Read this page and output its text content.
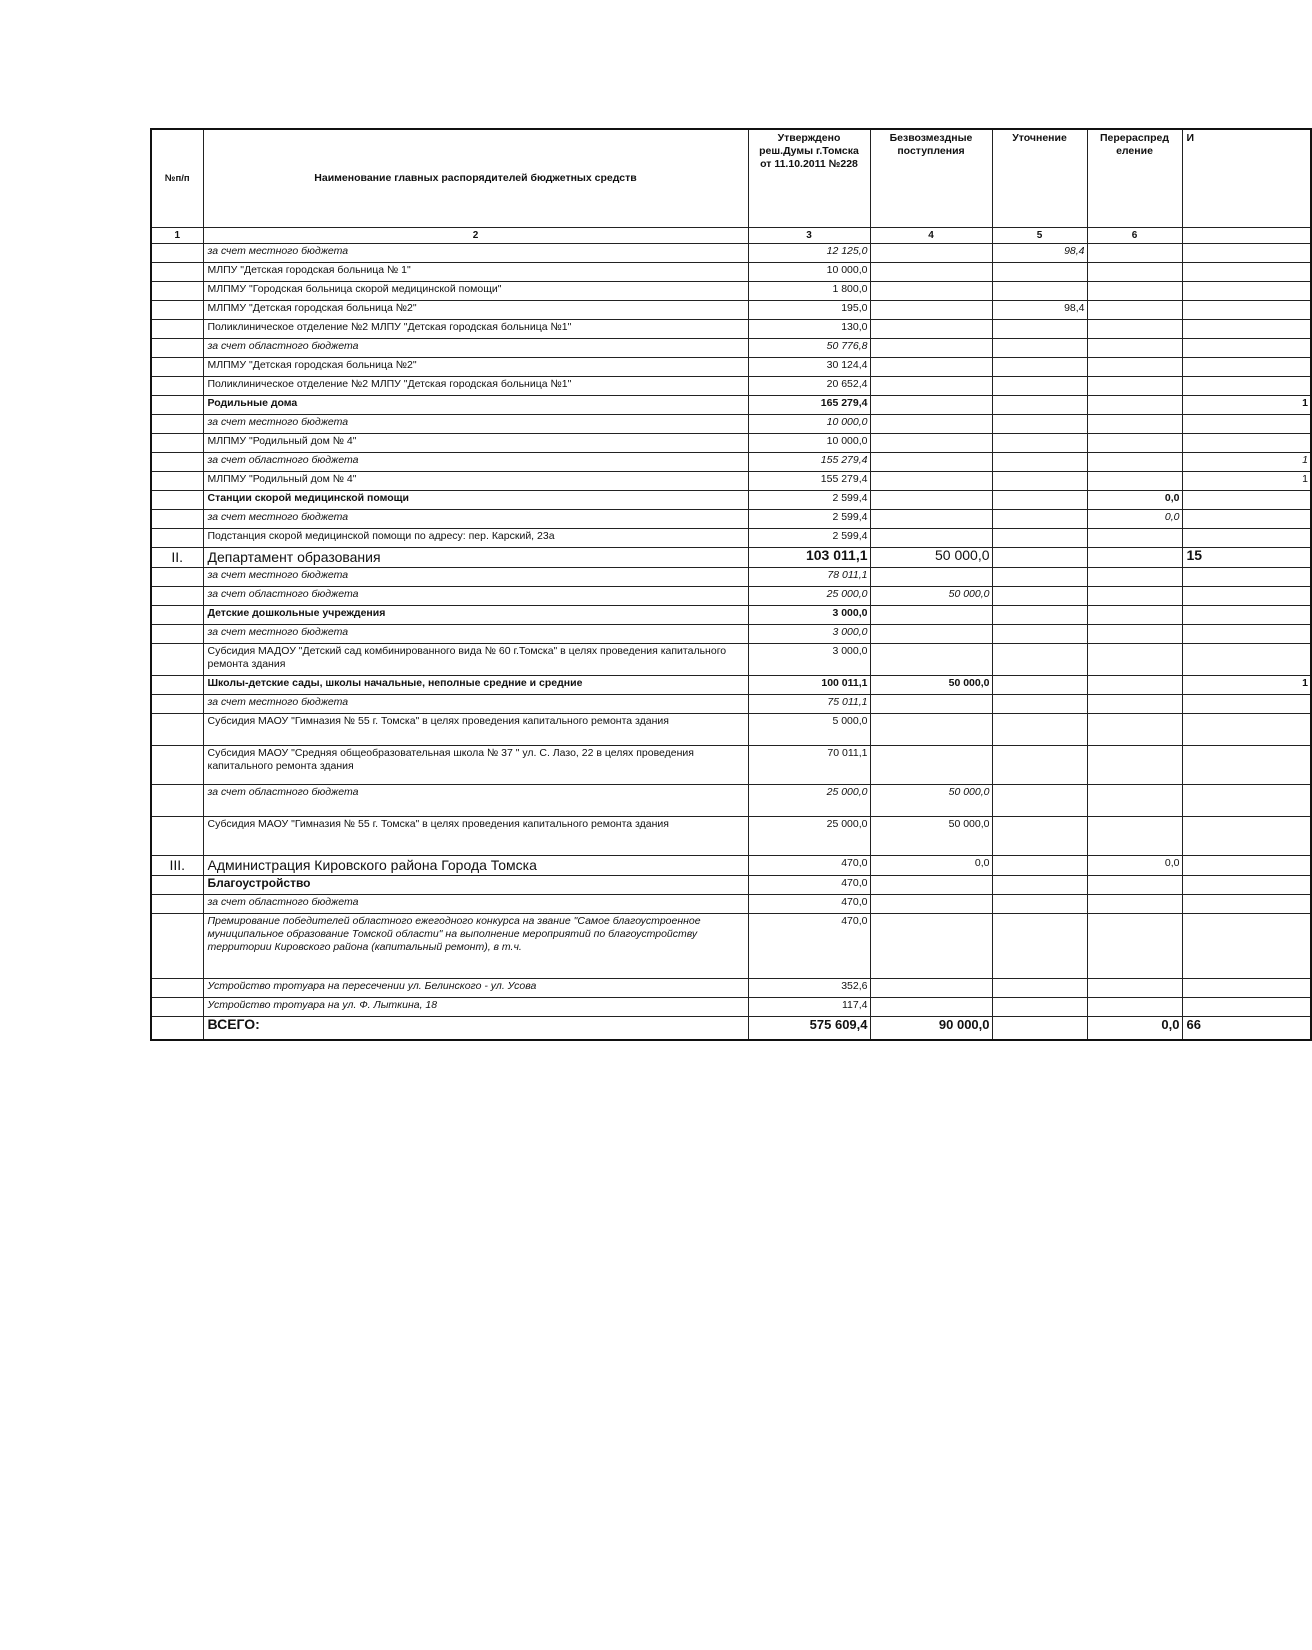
№п/п	Наименование главных распорядителей бюджетных средств	Утверждено реш.Думы г.Томска от 11.10.2011 №228	Безвозмездные поступления	Уточнение	Перераспред еление	И
1	2	3	4	5	6	
	за счет местного бюджета	12 125,0		98,4		
	МЛПУ "Детская городская больница № 1"	10 000,0				
	МЛПМУ "Городская больница скорой медицинской помощи"	1 800,0				
	МЛПМУ "Детская городская больница №2"	195,0		98,4		
	Поликлиническое отделение №2 МЛПУ "Детская городская больница №1"	130,0				
	за счет областного бюджета	50 776,8				
	МЛПМУ "Детская городская больница №2"	30 124,4				
	Поликлиническое отделение №2 МЛПУ "Детская городская больница №1"	20 652,4				
	Родильные дома	165 279,4				1
	за счет местного бюджета	10 000,0				
	МЛПМУ "Родильный дом № 4"	10 000,0				
	за счет областного бюджета	155 279,4				1
	МЛПМУ "Родильный дом № 4"	155 279,4				1
	Станции скорой медицинской помощи	2 599,4			0,0	
	за счет местного бюджета	2 599,4			0,0	
	Подстанция скорой медицинской помощи по адресу: пер. Карский, 23а	2 599,4				
II.	Департамент образования	103 011,1	50 000,0			15
	за счет местного бюджета	78 011,1				
	за счет областного бюджета	25 000,0	50 000,0			
	Детские дошкольные учреждения	3 000,0				
	за счет местного бюджета	3 000,0				
	Субсидия МАДОУ "Детский сад комбинированного вида № 60 г.Томска" в целях проведения капитального ремонта здания	3 000,0				
	Школы-детские сады, школы начальные, неполные средние и средние	100 011,1	50 000,0			1
	за счет местного бюджета	75 011,1				
	Субсидия МАОУ "Гимназия № 55 г. Томска" в целях проведения капитального ремонта здания	5 000,0				
	Субсидия МАОУ "Средняя общеобразовательная школа № 37 " ул. С. Лазо, 22 в целях проведения капитального ремонта здания	70 011,1				
	за счет областного бюджета	25 000,0	50 000,0			
	Субсидия МАОУ "Гимназия № 55 г. Томска" в целях проведения капитального ремонта здания	25 000,0	50 000,0			
III.	Администрация Кировского района Города Томска	470,0	0,0		0,0	
	Благоустройство	470,0				
	за счет областного бюджета	470,0				
	Премирование победителей областного ежегодного конкурса на звание "Самое благоустроенное муниципальное образование Томской области" на выполнение мероприятий по благоустройству территории Кировского района (капитальный ремонт), в т.ч.	470,0				
	Устройство тротуара на пересечении ул. Белинского - ул. Усова	352,6				
	Устройство тротуара на ул. Ф. Лыткина, 18	117,4				
	ВСЕГО:	575 609,4	90 000,0		0,0	66
